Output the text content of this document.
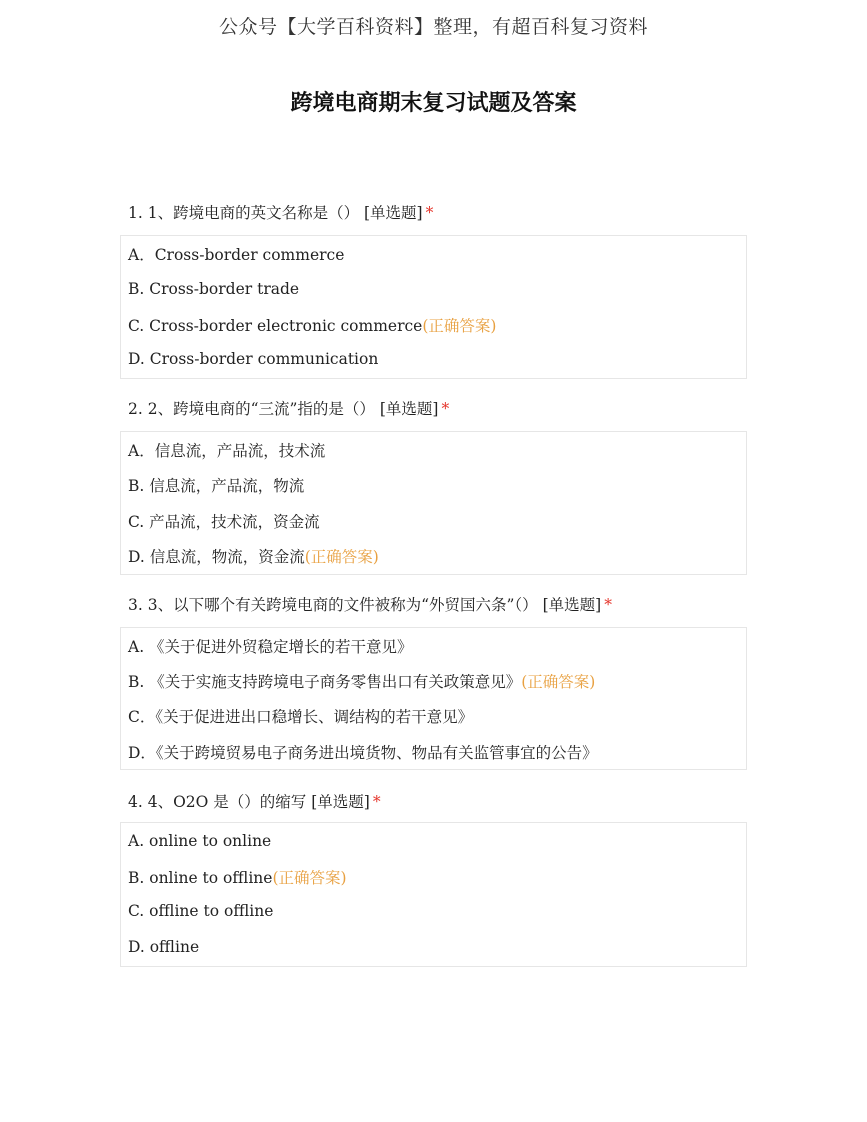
公众号【大学百科资料】整理，有超百科复习资料
跨境电商期末复习试题及答案
1. 1、跨境电商的英文名称是（） [单选题] *
A．Cross-border commerce
B. Cross-border trade
C. Cross-border electronic commerce(正确答案)
D. Cross-border communication
2. 2、跨境电商的“三流”指的是（） [单选题] *
A．信息流，产品流，技术流
B. 信息流，产品流，物流
C. 产品流，技术流，资金流
D. 信息流，物流，资金流(正确答案)
3. 3、以下哪个有关跨境电商的文件被称为“外贸国六条”（） [单选题] *
A. 《关于促进外贸稳定增长的若干意见》
B. 《关于实施支持跨境电子商务零售出口有关政策意见》(正确答案)
C．《关于促进进出口稳增长、调结构的若干意见》
D．《关于跨境贸易电子商务进出境货物、物品有关监管事宜的公告》
4. 4、O2O 是（）的缩写 [单选题] *
A. online to online
B. online to offline(正确答案)
C. offline to offline
D. offline
